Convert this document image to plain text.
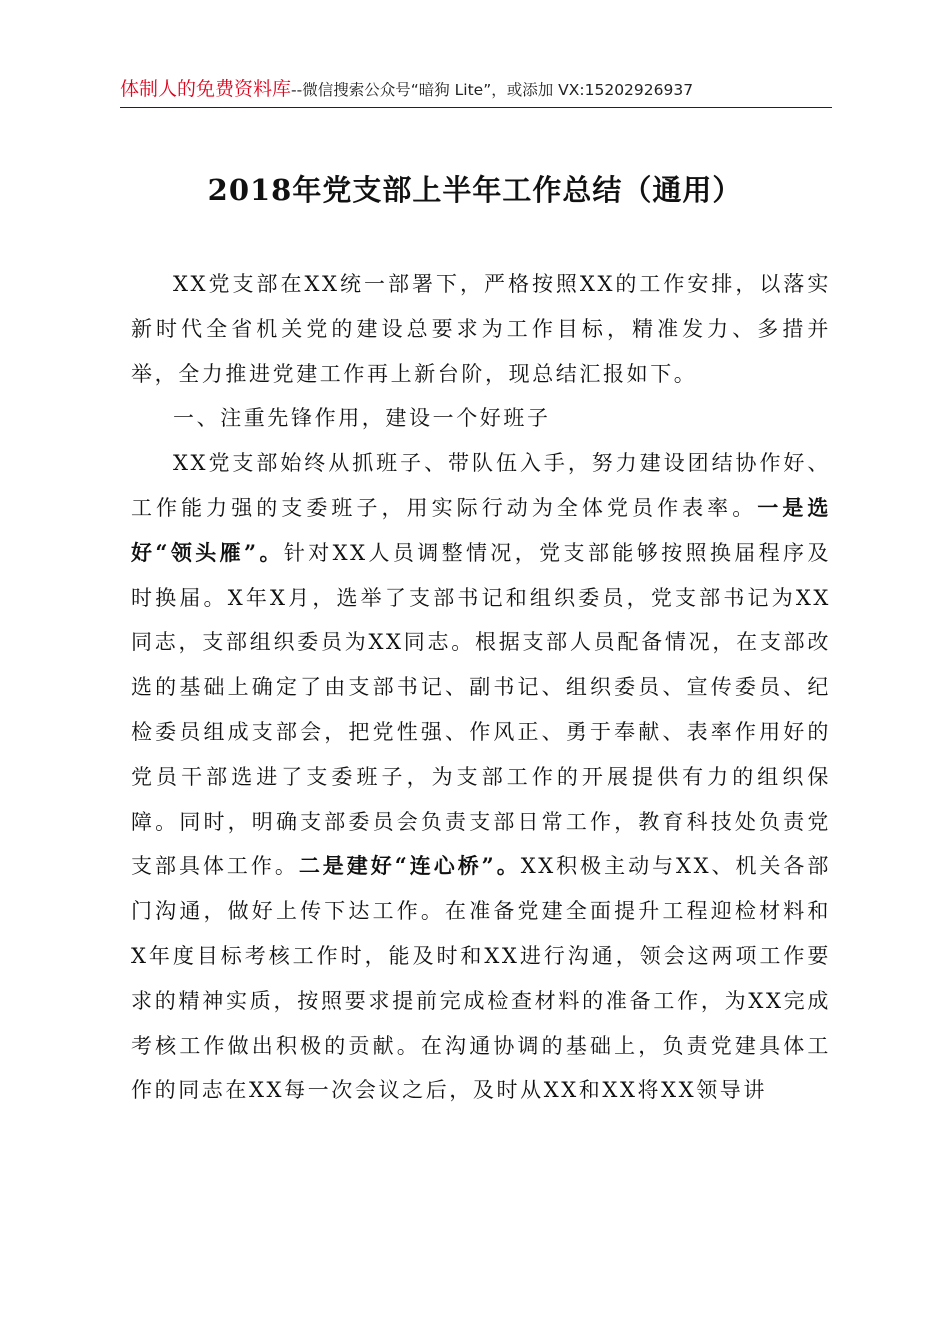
体制人的免费资料库--微信搜索公众号“暗狗 Lite”，或添加 VX:15202926937
2018年党支部上半年工作总结（通用）

XX党支部在XX统一部署下，严格按照XX的工作安排，以落实新时代全省机关党的建设总要求为工作目标，精准发力、多措并举，全力推进党建工作再上新台阶，现总结汇报如下。

一、注重先锋作用，建设一个好班子

XX党支部始终从抓班子、带队伍入手，努力建设团结协作好、工作能力强的支委班子，用实际行动为全体党员作表率。一是选好“领头雁”。针对XX人员调整情况，党支部能够按照换届程序及时换届。X年X月，选举了支部书记和组织委员，党支部书记为XX同志，支部组织委员为XX同志。根据支部人员配备情况，在支部改选的基础上确定了由支部书记、副书记、组织委员、宣传委员、纪检委员组成支部会，把党性强、作风正、勇于奉献、表率作用好的党员干部选进了支委班子，为支部工作的开展提供有力的组织保障。同时，明确支部委员会负责支部日常工作，教育科技处负责党支部具体工作。二是建好“连心桥”。XX积极主动与XX、机关各部门沟通，做好上传下达工作。在准备党建全面提升工程迎检材料和X年度目标考核工作时，能及时和XX进行沟通，领会这两项工作要求的精神实质，按照要求提前完成检查材料的准备工作，为XX完成考核工作做出积极的贡献。在沟通协调的基础上，负责党建具体工作的同志在XX每一次会议之后，及时从XX和XX将XX领导讲
